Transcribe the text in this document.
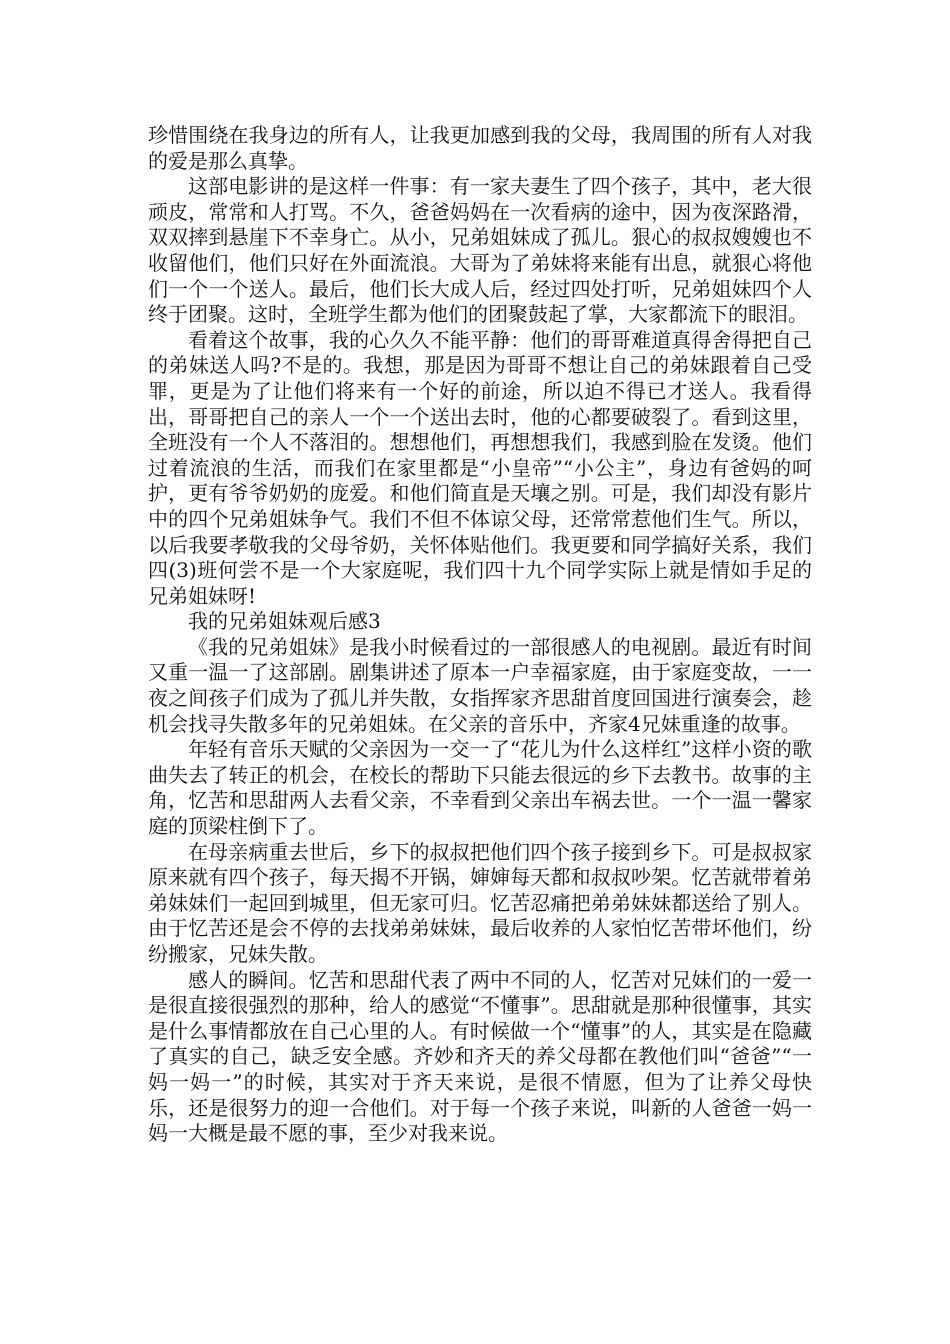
珍惜围绕在我身边的所有人，让我更加感到我的父母，我周围的所有人对我的爱是那么真挚。

这部电影讲的是这样一件事：有一家夫妻生了四个孩子，其中，老大很顽皮，常常和人打骂。不久，爸爸妈妈在一次看病的途中，因为夜深路滑，双双摔到悬崖下不幸身亡。从小，兄弟姐妹成了孤儿。狠心的叔叔嫂嫂也不收留他们，他们只好在外面流浪。大哥为了弟妹将来能有出息，就狠心将他们一个一个送人。最后，他们长大成人后，经过四处打听，兄弟姐妹四个人终于团聚。这时，全班学生都为他们的团聚鼓起了掌，大家都流下的眼泪。

看着这个故事，我的心久久不能平静：他们的哥哥难道真得舍得把自己的弟妹送人吗?不是的。我想，那是因为哥哥不想让自己的弟妹跟着自己受罪，更是为了让他们将来有一个好的前途，所以迫不得已才送人。我看得出，哥哥把自己的亲人一个一个送出去时，他的心都要破裂了。看到这里，全班没有一个人不落泪的。想想他们，再想想我们，我感到脸在发烫。他们过着流浪的生活，而我们在家里都是“小皇帝”“小公主”，身边有爸妈的呵护，更有爷爷奶奶的庞爱。和他们简直是天壤之别。可是，我们却没有影片中的四个兄弟姐妹争气。我们不但不体谅父母，还常常惹他们生气。所以，以后我要孝敬我的父母爷奶，关怀体贴他们。我更要和同学搞好关系，我们四(3)班何尝不是一个大家庭呢，我们四十九个同学实际上就是情如手足的兄弟姐妹呀!

我的兄弟姐妹观后感3

《我的兄弟姐妹》是我小时候看过的一部很感人的电视剧。最近有时间又重一温一了这部剧。剧集讲述了原本一户幸福家庭，由于家庭变故，一一夜之间孩子们成为了孤儿并失散，女指挥家齐思甜首度回国进行演奏会，趁机会找寻失散多年的兄弟姐妹。在父亲的音乐中，齐家4兄妹重逢的故事。

年轻有音乐天赋的父亲因为一交一了“花儿为什么这样红”这样小资的歌曲失去了转正的机会，在校长的帮助下只能去很远的乡下去教书。故事的主角，忆苦和思甜两人去看父亲，不幸看到父亲出车祸去世。一个一温一馨家庭的顶梁柱倒下了。

在母亲病重去世后，乡下的叔叔把他们四个孩子接到乡下。可是叔叔家原来就有四个孩子，每天揭不开锅，婶婶每天都和叔叔吵架。忆苦就带着弟弟妹妹们一起回到城里，但无家可归。忆苦忍痛把弟弟妹妹都送给了别人。由于忆苦还是会不停的去找弟弟妹妹，最后收养的人家怕忆苦带坏他们，纷纷搬家，兄妹失散。

感人的瞬间。忆苦和思甜代表了两中不同的人，忆苦对兄妹们的一爱一是很直接很强烈的那种，给人的感觉“不懂事”。思甜就是那种很懂事，其实是什么事情都放在自己心里的人。有时候做一个“懂事”的人，其实是在隐藏了真实的自己，缺乏安全感。齐妙和齐天的养父母都在教他们叫“爸爸”“一妈一妈一”的时候，其实对于齐天来说，是很不情愿，但为了让养父母快乐，还是很努力的迎一合他们。对于每一个孩子来说，叫新的人爸爸一妈一妈一大概是最不愿的事，至少对我来说。
